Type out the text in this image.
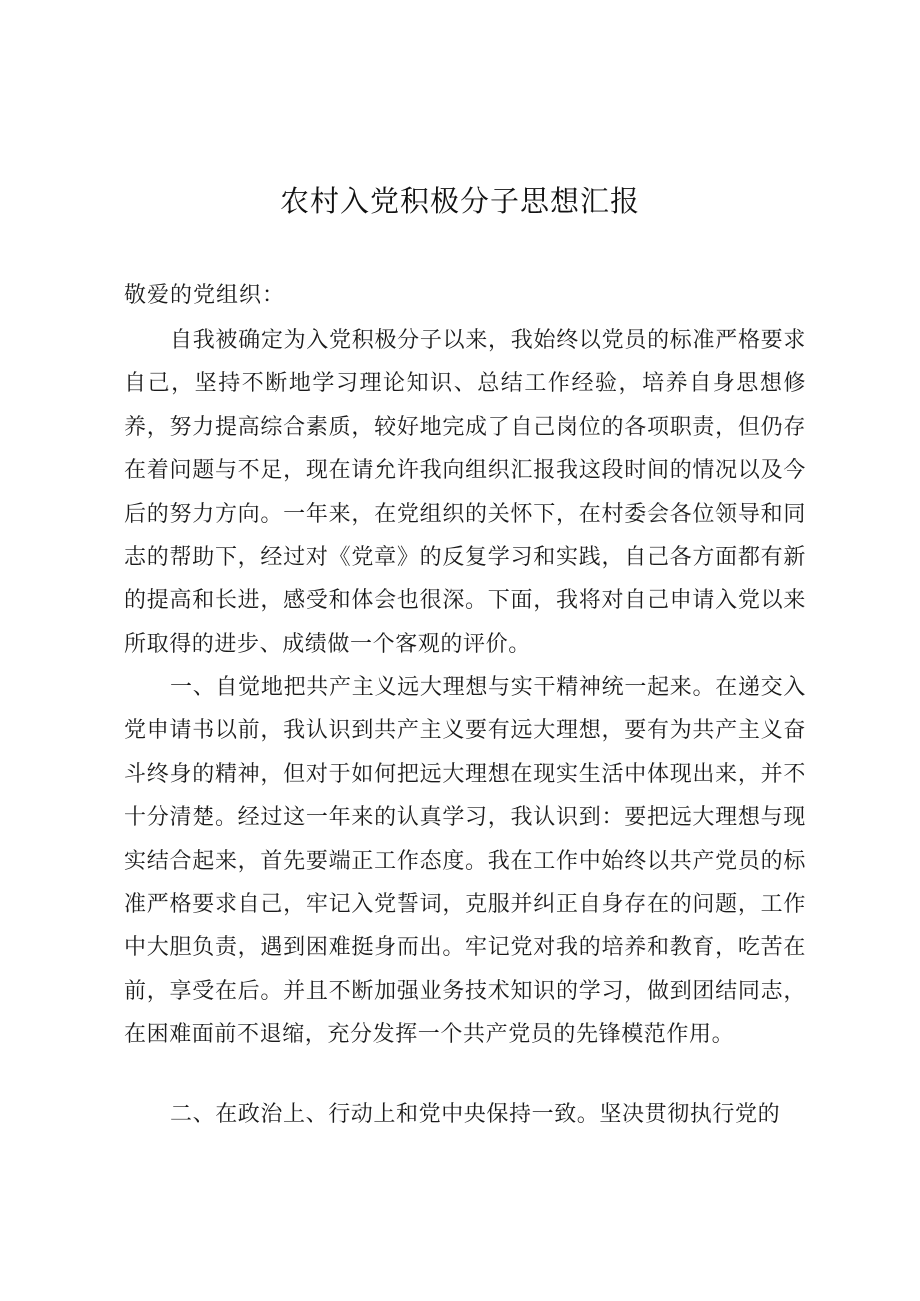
农村入党积极分子思想汇报
敬爱的党组织：

自我被确定为入党积极分子以来，我始终以党员的标准严格要求自己，坚持不断地学习理论知识、总结工作经验，培养自身思想修养，努力提高综合素质，较好地完成了自己岗位的各项职责，但仍存在着问题与不足，现在请允许我向组织汇报我这段时间的情况以及今后的努力方向。一年来，在党组织的关怀下，在村委会各位领导和同志的帮助下，经过对《党章》的反复学习和实践，自己各方面都有新的提高和长进，感受和体会也很深。下面，我将对自己申请入党以来所取得的进步、成绩做一个客观的评价。

一、自觉地把共产主义远大理想与实干精神统一起来。在递交入党申请书以前，我认识到共产主义要有远大理想，要有为共产主义奋斗终身的精神，但对于如何把远大理想在现实生活中体现出来，并不十分清楚。经过这一年来的认真学习，我认识到：要把远大理想与现实结合起来，首先要端正工作态度。我在工作中始终以共产党员的标准严格要求自己，牢记入党誓词，克服并纠正自身存在的问题，工作中大胆负责，遇到困难挺身而出。牢记党对我的培养和教育，吃苦在前，享受在后。并且不断加强业务技术知识的学习，做到团结同志，在困难面前不退缩，充分发挥一个共产党员的先锋模范作用。

二、在政治上、行动上和党中央保持一致。坚决贯彻执行党的
